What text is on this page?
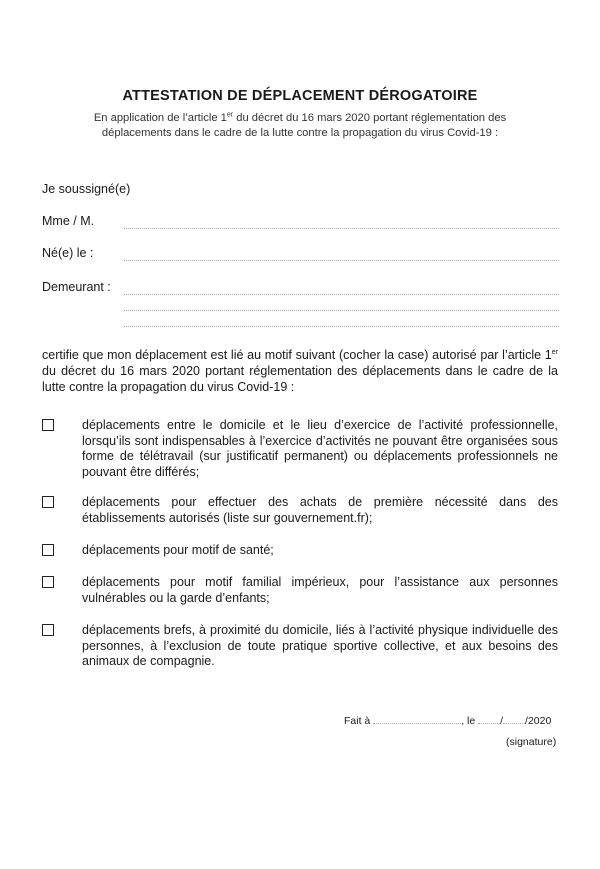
ATTESTATION DE DÉPLACEMENT DÉROGATOIRE
En application de l’article 1er du décret du 16 mars 2020 portant réglementation des
déplacements dans le cadre de la lutte contre la propagation du virus Covid-19 :
Je soussigné(e)
Mme / M.
Né(e) le :
Demeurant :
certifie que mon déplacement est lié au motif suivant (cocher la case) autorisé par l’article 1er du décret du 16 mars 2020 portant réglementation des déplacements dans le cadre de la lutte contre la propagation du virus Covid-19 :
déplacements entre le domicile et le lieu d’exercice de l’activité professionnelle, lorsqu’ils sont indispensables à l’exercice d’activités ne pouvant être organisées sous forme de télétravail (sur justificatif permanent) ou déplacements professionnels ne pouvant être différés;
déplacements pour effectuer des achats de première nécessité dans des établissements autorisés (liste sur gouvernement.fr);
déplacements pour motif de santé;
déplacements pour motif familial impérieux, pour l’assistance aux personnes vulnérables ou la garde d’enfants;
déplacements brefs, à proximité du domicile, liés à l’activité physique individuelle des personnes, à l’exclusion de toute pratique sportive collective, et aux besoins des animaux de compagnie.
Fait à	, le / /2020
(signature)
